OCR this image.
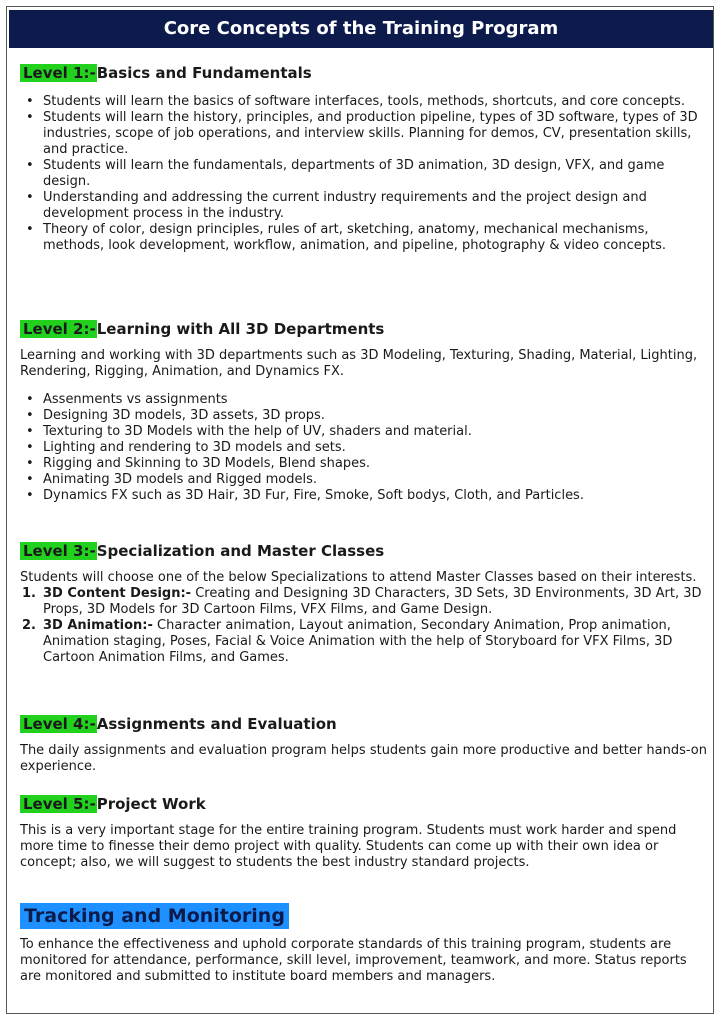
Core Concepts of the Training Program
Level 1:-Basics and Fundamentals
• Students will learn the basics of software interfaces, tools, methods, shortcuts, and core concepts.
• Students will learn the history, principles, and production pipeline, types of 3D software, types of 3D industries, scope of job operations, and interview skills. Planning for demos, CV, presentation skills, and practice.
• Students will learn the fundamentals, departments of 3D animation, 3D design, VFX, and game design.
• Understanding and addressing the current industry requirements and the project design and development process in the industry.
• Theory of color, design principles, rules of art, sketching, anatomy, mechanical mechanisms, methods, look development, workflow, animation, and pipeline, photography & video concepts.
Level 2:-Learning with All 3D Departments

Learning and working with 3D departments such as 3D Modeling, Texturing, Shading, Material, Lighting, Rendering, Rigging, Animation, and Dynamics FX.

• Assenments vs assignments
• Designing 3D models, 3D assets, 3D props.
• Texturing to 3D Models with the help of UV, shaders and material.
• Lighting and rendering to 3D models and sets.
• Rigging and Skinning to 3D Models, Blend shapes.
• Animating 3D models and Rigged models.
• Dynamics FX such as 3D Hair, 3D Fur, Fire, Smoke, Soft bodys, Cloth, and Particles.
Level 3:-Specialization and Master Classes

Students will choose one of the below Specializations to attend Master Classes based on their interests.

1. 3D Content Design:- Creating and Designing 3D Characters, 3D Sets, 3D Environments, 3D Art, 3D Props, 3D Models for 3D Cartoon Films, VFX Films, and Game Design.
2. 3D Animation:- Character animation, Layout animation, Secondary Animation, Prop animation, Animation staging, Poses, Facial & Voice Animation with the help of Storyboard for VFX Films, 3D Cartoon Animation Films, and Games.
Level 4:-Assignments and Evaluation

The daily assignments and evaluation program helps students gain more productive and better hands-on experience.

Level 5:-Project Work

This is a very important stage for the entire training program. Students must work harder and spend more time to finesse their demo project with quality. Students can come up with their own idea or concept; also, we will suggest to students the best industry standard projects.

Tracking and Monitoring

To enhance the effectiveness and uphold corporate standards of this training program, students are monitored for attendance, performance, skill level, improvement, teamwork, and more. Status reports are monitored and submitted to institute board members and managers.
